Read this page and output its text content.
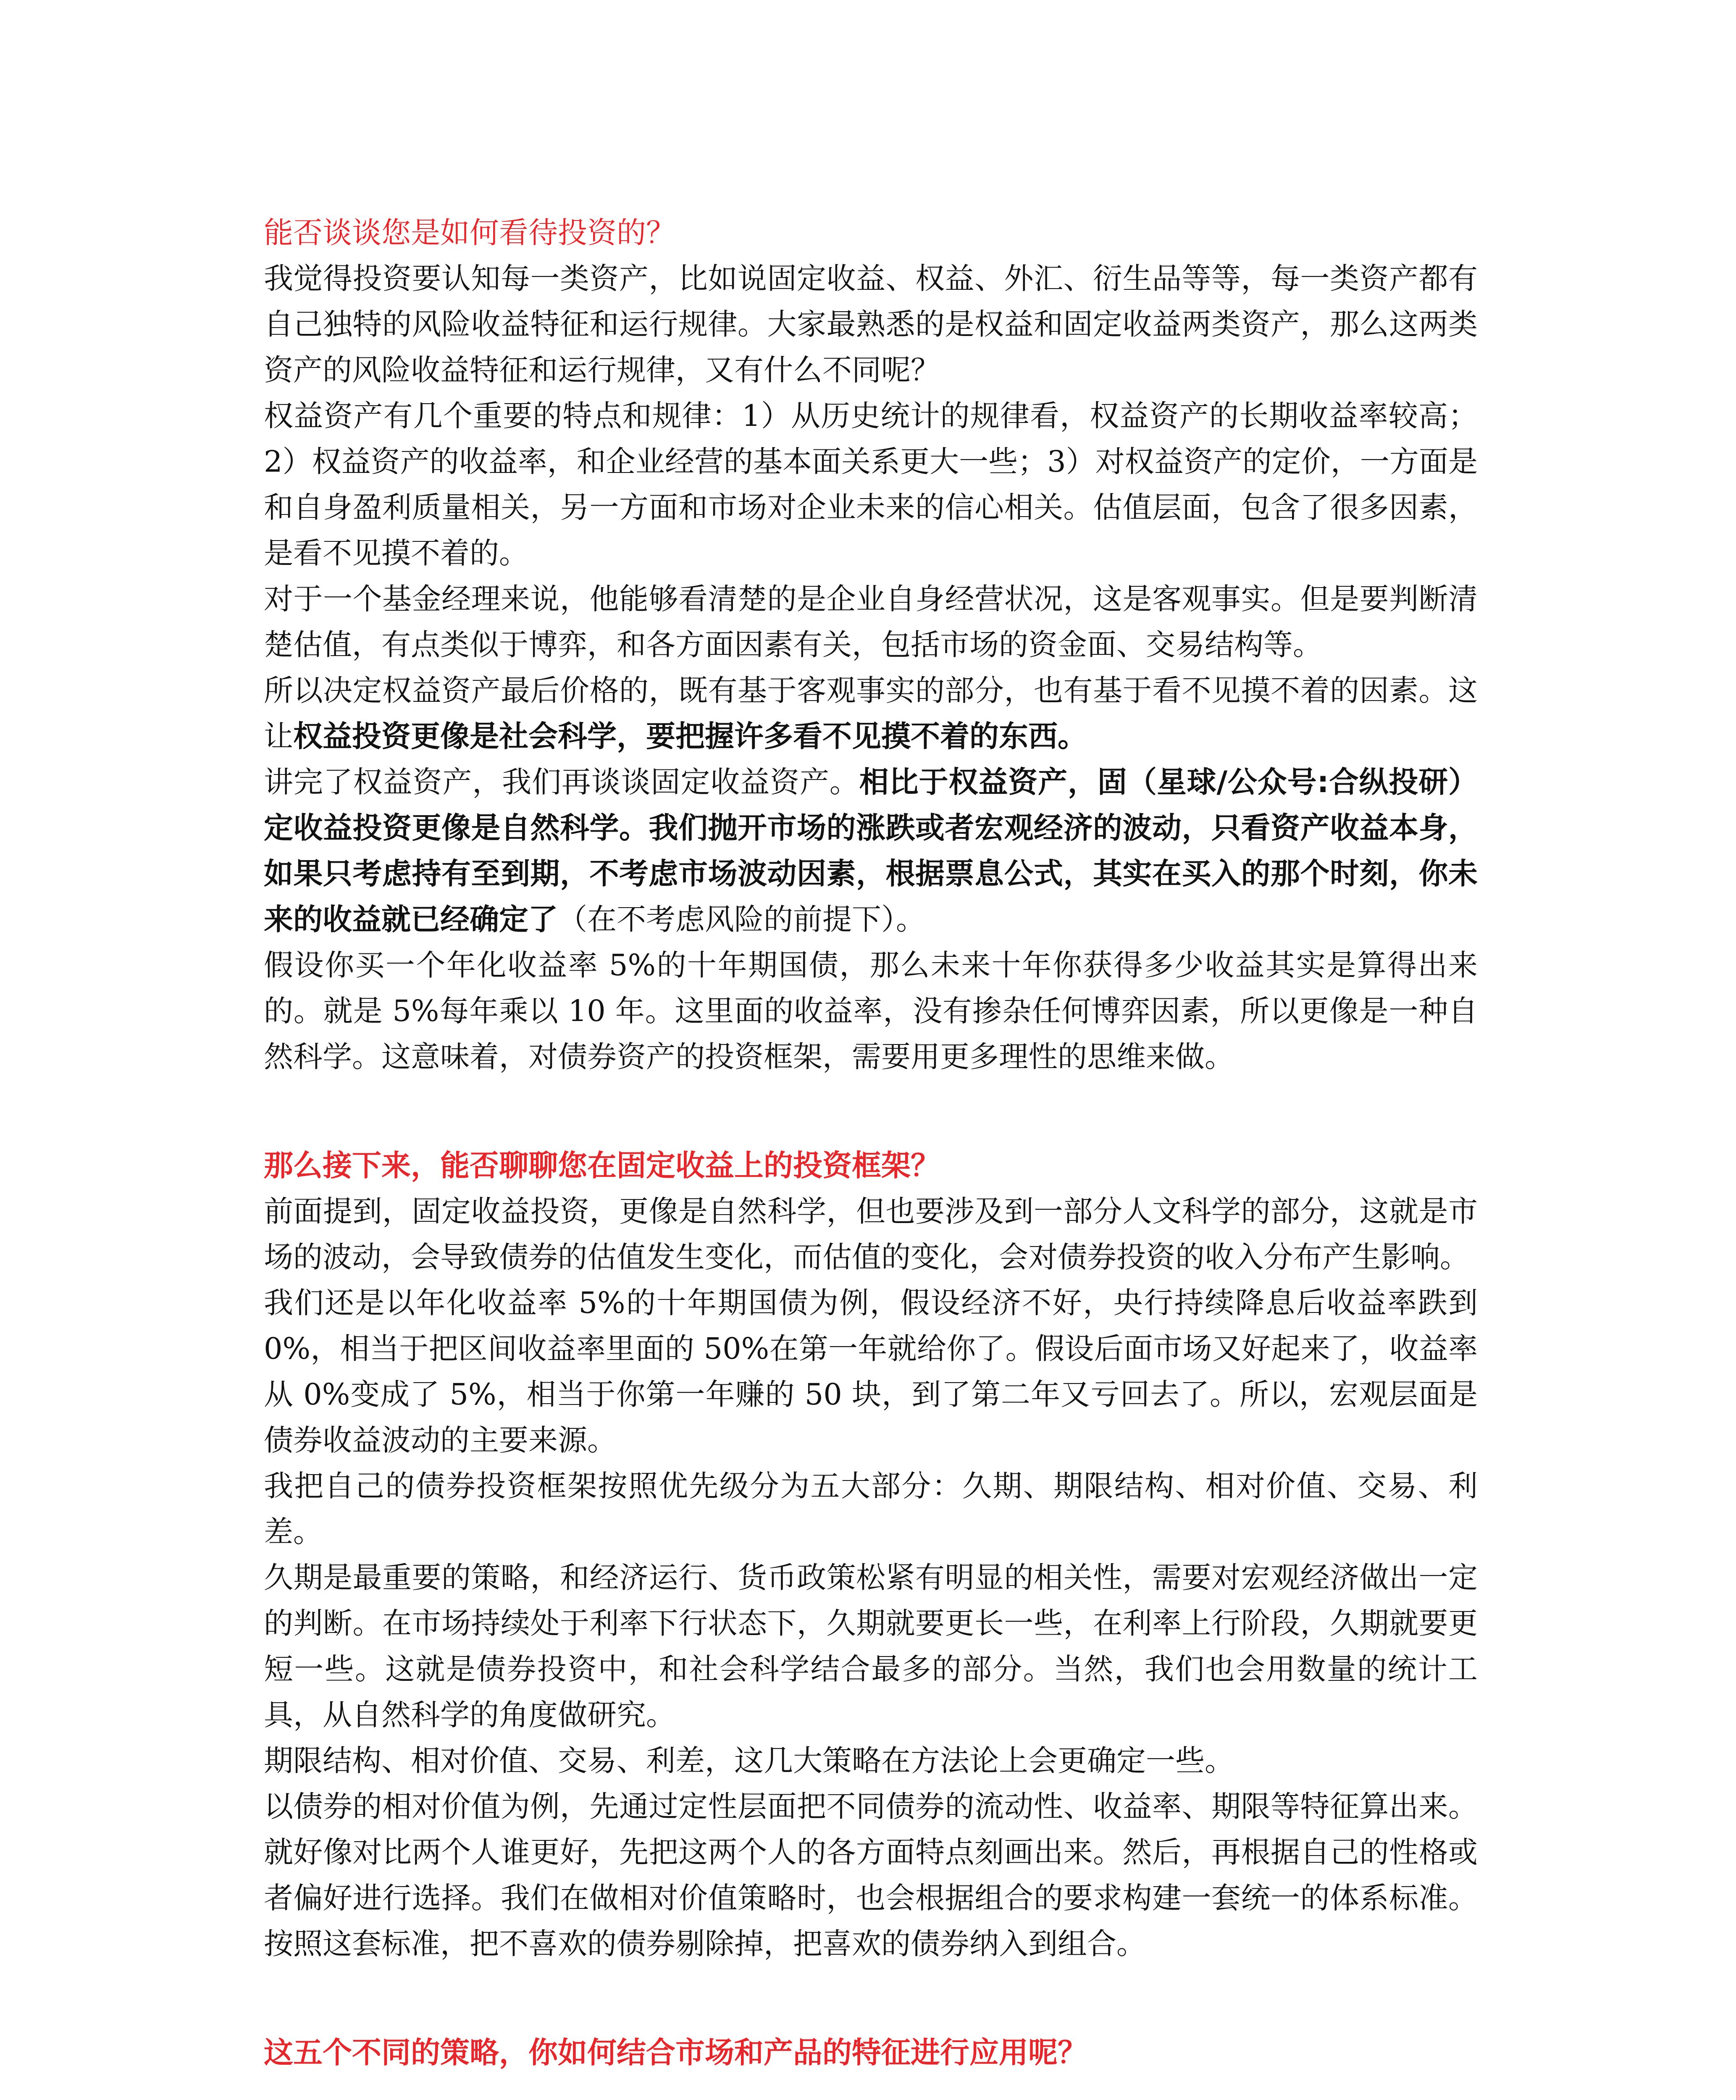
能否谈谈您是如何看待投资的？

我觉得投资要认知每一类资产，比如说固定收益、权益、外汇、衍生品等等，每一类资产都有自己独特的风险收益特征和运行规律。大家最熟悉的是权益和固定收益两类资产，那么这两类资产的风险收益特征和运行规律，又有什么不同呢？

权益资产有几个重要的特点和规律：1）从历史统计的规律看，权益资产的长期收益率较高；2）权益资产的收益率，和企业经营的基本面关系更大一些；3）对权益资产的定价，一方面是和自身盈利质量相关，另一方面和市场对企业未来的信心相关。估值层面，包含了很多因素，是看不见摸不着的。

对于一个基金经理来说，他能够看清楚的是企业自身经营状况，这是客观事实。但是要判断清楚估值，有点类似于博弈，和各方面因素有关，包括市场的资金面、交易结构等。

所以决定权益资产最后价格的，既有基于客观事实的部分，也有基于看不见摸不着的因素。这让权益投资更像是社会科学，要把握许多看不见摸不着的东西。

讲完了权益资产，我们再谈谈固定收益资产。相比于权益资产，固（星球/公众号:合纵投研）定收益投资更像是自然科学。我们抛开市场的涨跌或者宏观经济的波动，只看资产收益本身，如果只考虑持有至到期，不考虑市场波动因素，根据票息公式，其实在买入的那个时刻，你未来的收益就已经确定了（在不考虑风险的前提下）。

假设你买一个年化收益率 5%的十年期国债，那么未来十年你获得多少收益其实是算得出来的。就是 5%每年乘以 10 年。这里面的收益率，没有掺杂任何博弈因素，所以更像是一种自然科学。这意味着，对债券资产的投资框架，需要用更多理性的思维来做。

那么接下来，能否聊聊您在固定收益上的投资框架？

前面提到，固定收益投资，更像是自然科学，但也要涉及到一部分人文科学的部分，这就是市场的波动，会导致债券的估值发生变化，而估值的变化，会对债券投资的收入分布产生影响。

我们还是以年化收益率 5%的十年期国债为例，假设经济不好，央行持续降息后收益率跌到 0%，相当于把区间收益率里面的 50%在第一年就给你了。假设后面市场又好起来了，收益率从 0%变成了 5%，相当于你第一年赚的 50 块，到了第二年又亏回去了。所以，宏观层面是债券收益波动的主要来源。

我把自己的债券投资框架按照优先级分为五大部分：久期、期限结构、相对价值、交易、利差。

久期是最重要的策略，和经济运行、货币政策松紧有明显的相关性，需要对宏观经济做出一定的判断。在市场持续处于利率下行状态下，久期就要更长一些，在利率上行阶段，久期就要更短一些。这就是债券投资中，和社会科学结合最多的部分。当然，我们也会用数量的统计工具，从自然科学的角度做研究。

期限结构、相对价值、交易、利差，这几大策略在方法论上会更确定一些。

以债券的相对价值为例，先通过定性层面把不同债券的流动性、收益率、期限等特征算出来。就好像对比两个人谁更好，先把这两个人的各方面特点刻画出来。然后，再根据自己的性格或者偏好进行选择。我们在做相对价值策略时，也会根据组合的要求构建一套统一的体系标准。按照这套标准，把不喜欢的债券剔除掉，把喜欢的债券纳入到组合。

这五个不同的策略，你如何结合市场和产品的特征进行应用呢？
